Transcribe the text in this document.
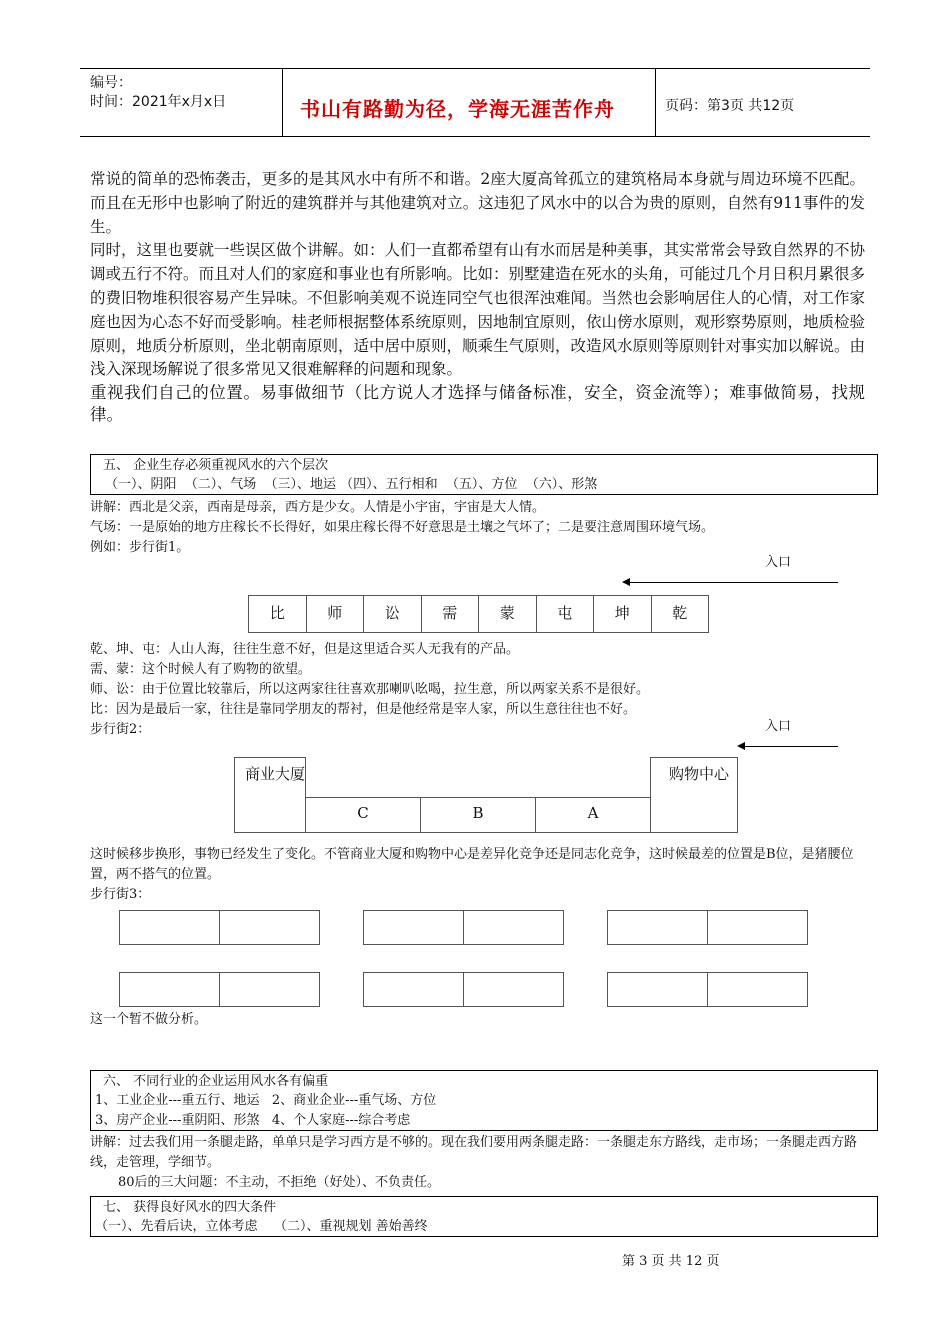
编号：
时间：2021年x月x日	书山有路勤为径，学海无涯苦作舟	页码：第3页 共12页

常说的简单的恐怖袭击，更多的是其风水中有所不和谐。2座大厦高耸孤立的建筑格局本身就与周边环境不匹配。而且在无形中也影响了附近的建筑群并与其他建筑对立。这违犯了风水中的以合为贵的原则，自然有911事件的发生。

同时，这里也要就一些误区做个讲解。如：人们一直都希望有山有水而居是种美事，其实常常会导致自然界的不协调或五行不符。而且对人们的家庭和事业也有所影响。比如：别墅建造在死水的头角，可能过几个月日积月累很多的费旧物堆积很容易产生异味。不但影响美观不说连同空气也很浑浊难闻。当然也会影响居住人的心情，对工作家庭也因为心态不好而受影响。桂老师根据整体系统原则，因地制宜原则，依山傍水原则，观形察势原则，地质检验原则，地质分析原则，坐北朝南原则，适中居中原则，顺乘生气原则，改造风水原则等原则针对事实加以解说。由浅入深现场解说了很多常见又很难解释的问题和现象。

重视我们自己的位置。易事做细节（比方说人才选择与储备标准，安全，资金流等）；难事做简易，找规律。

五、 企业生存必须重视风水的六个层次
（一）、阴阳  （二）、气场  （三）、地运 （四）、五行相和  （五）、方位  （六）、形煞
讲解：西北是父亲，西南是母亲，西方是少女。人情是小宇宙，宇宙是大人情。
气场：一是原始的地方庄稼长不长得好，如果庄稼长得不好意思是土壤之气坏了；二是要注意周围环境气场。
例如：步行街1。
入口
比	师	讼	需	蒙	屯	坤	乾
乾、坤、屯：人山人海，往往生意不好，但是这里适合买人无我有的产品。
需、蒙：这个时候人有了购物的欲望。
师、讼：由于位置比较靠后，所以这两家往往喜欢那喇叭吆喝，拉生意，所以两家关系不是很好。
比：因为是最后一家，往往是靠同学朋友的帮衬，但是他经常是宰人家，所以生意往往也不好。
步行街2：	入口
商业大厦	购物中心
C	B	A
这时候移步换形，事物已经发生了变化。不管商业大厦和购物中心是差异化竞争还是同志化竞争，这时候最差的位置是B位，是猪腰位置，两不搭气的位置。
步行街3：
这一个暂不做分析。
六、 不同行业的企业运用风水各有偏重
1、工业企业---重五行、地运   2、商业企业---重气场、方位
3、房产企业---重阴阳、形煞   4、个人家庭---综合考虑
讲解：过去我们用一条腿走路，单单只是学习西方是不够的。现在我们要用两条腿走路：一条腿走东方路线，走市场；一条腿走西方路线，走管理，学细节。
80后的三大问题：不主动，不拒绝（好处）、不负责任。
七、 获得良好风水的四大条件
（一）、先看后诀，立体考虑    （二）、重视规划 善始善终
第 3 页 共 12 页
